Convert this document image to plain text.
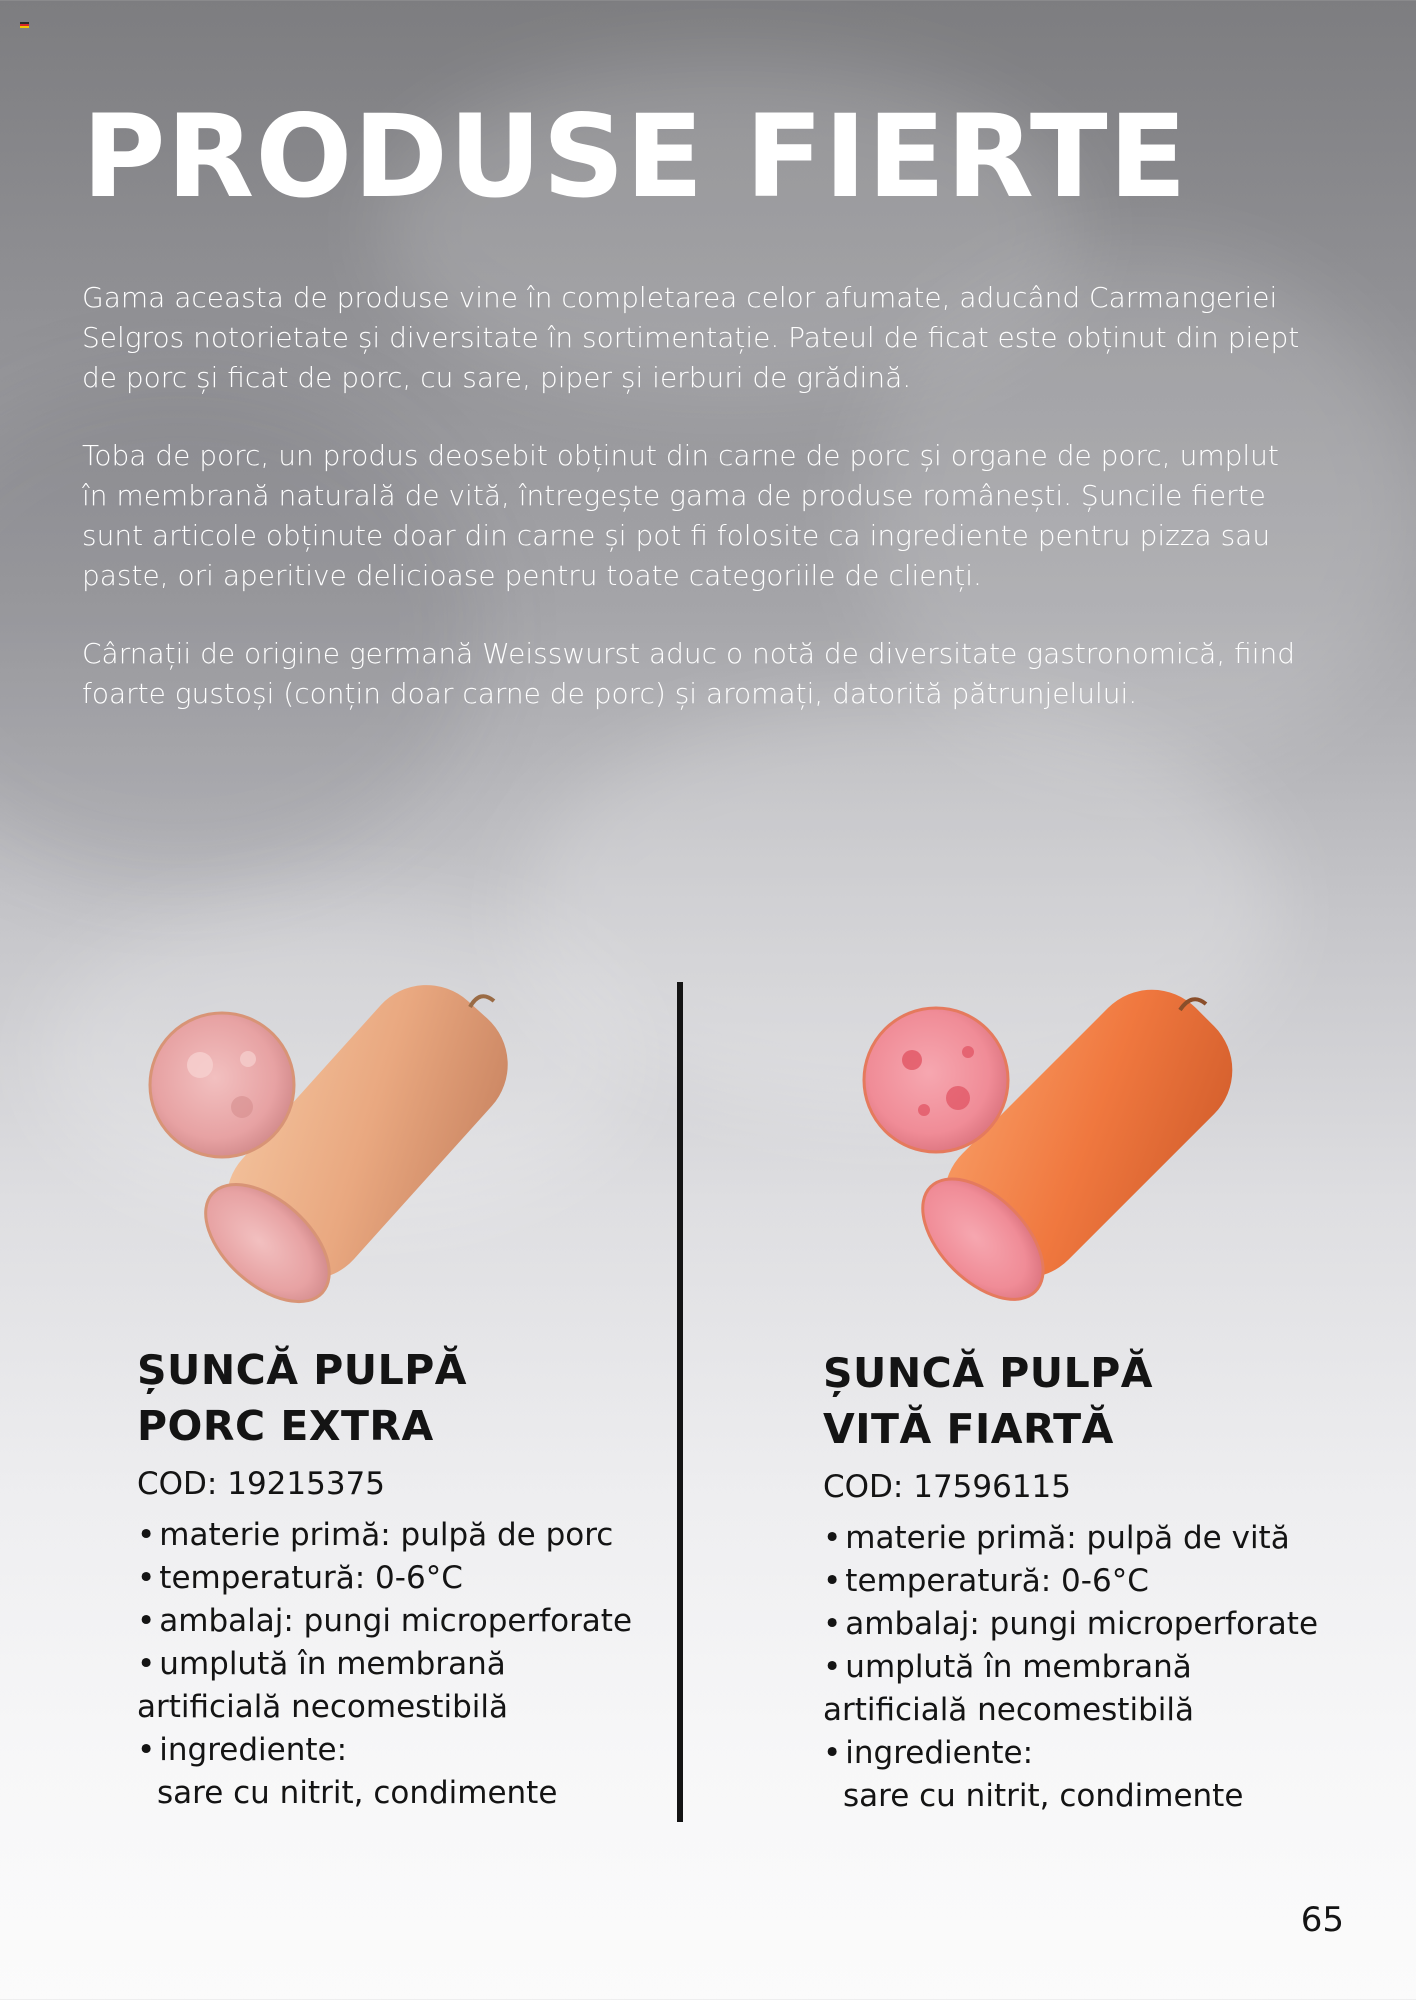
PRODUSE FIERTE

Gama aceasta de produse vine în completarea celor afumate, aducând Carmangeriei Selgros notorietate și diversitate în sortimentație. Pateul de ficat este obținut din piept de porc și ficat de porc, cu sare, piper și ierburi de grădină.

Toba de porc, un produs deosebit obținut din carne de porc și organe de porc, umplut în membrană naturală de vită, întregește gama de produse românești. Șuncile fierte sunt articole obținute doar din carne și pot fi folosite ca ingrediente pentru pizza sau paste, ori aperitive delicioase pentru toate categoriile de clienți.

Cârnații de origine germană Weisswurst aduc o notă de diversitate gastronomică, fiind foarte gustoși (conțin doar carne de porc) și aromați, datorită pătrunjelului.

ȘUNCĂ PULPĂ
PORC EXTRA
COD: 19215375
• materie primă: pulpă de porc
• temperatură: 0-6°C
• ambalaj: pungi microperforate
• umplută în membrană
artificială necomestibilă
• ingrediente:
sare cu nitrit, condimente
ȘUNCĂ PULPĂ
VITĂ FIARTĂ
COD: 17596115
• materie primă: pulpă de vită
• temperatură: 0-6°C
• ambalaj: pungi microperforate
• umplută în membrană
artificială necomestibilă
• ingrediente:
sare cu nitrit, condimente
65
